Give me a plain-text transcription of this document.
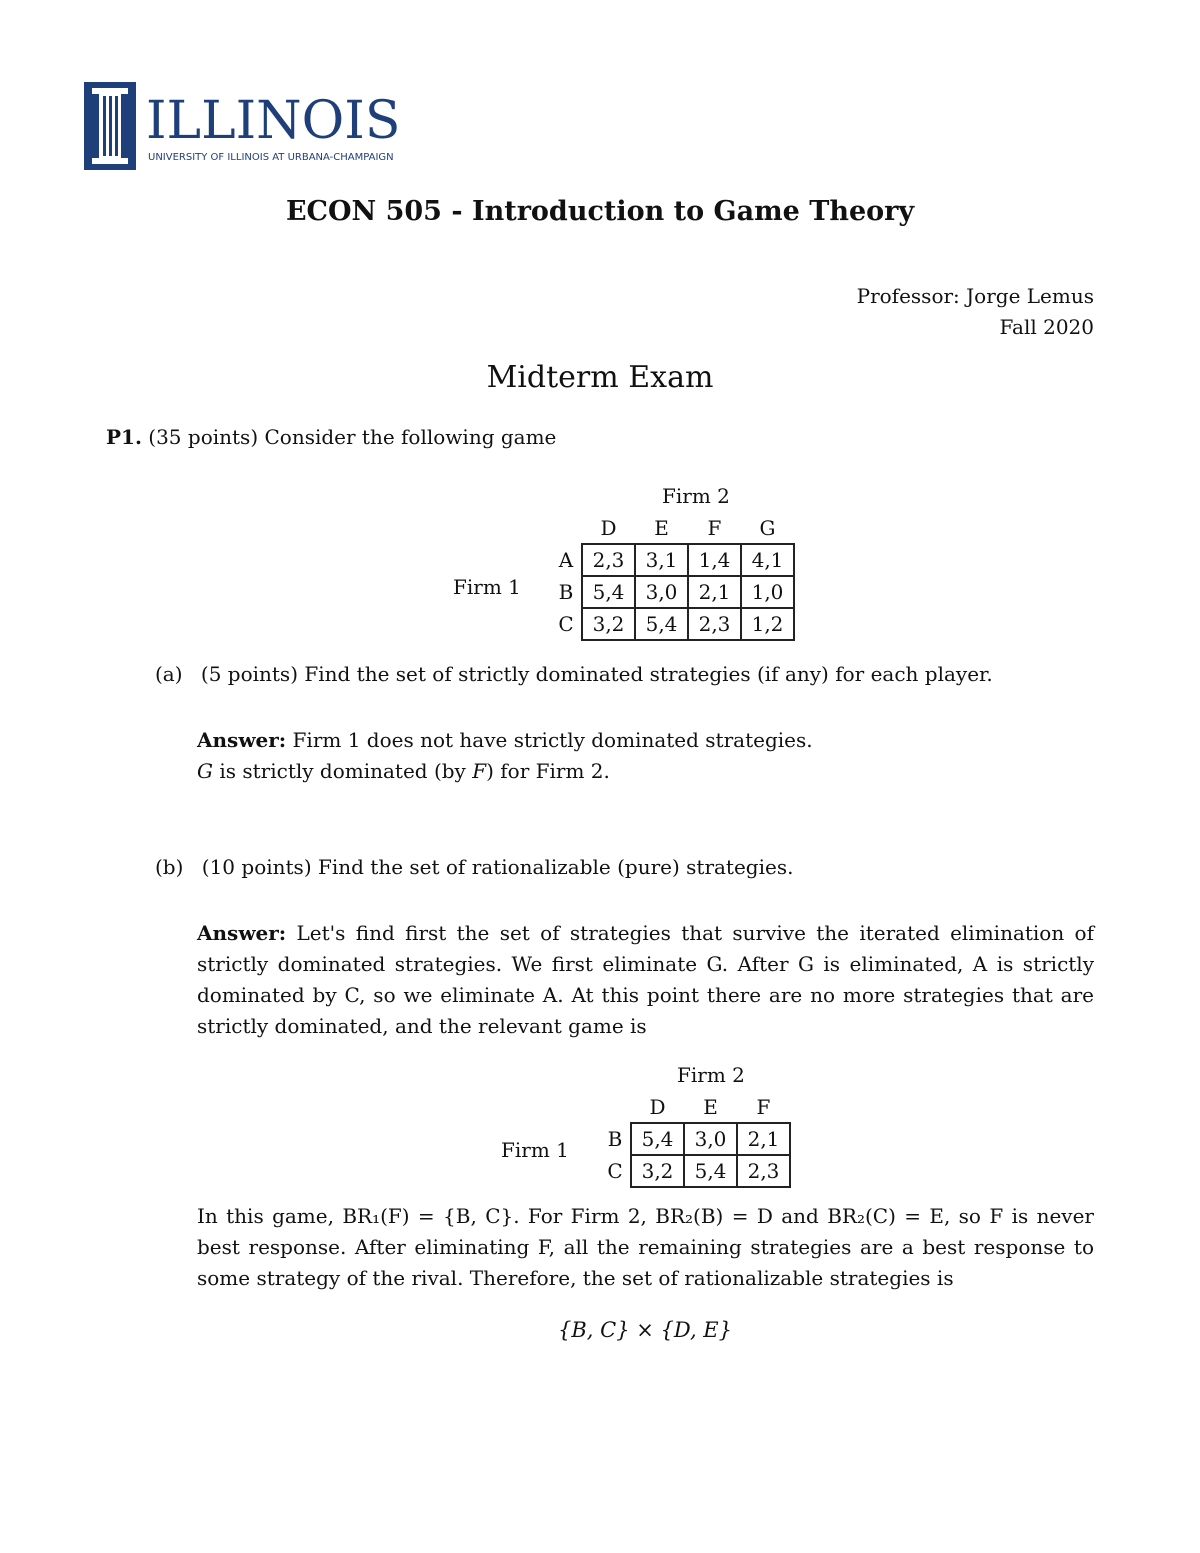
ILLINOIS
UNIVERSITY OF ILLINOIS AT URBANA-CHAMPAIGN
ECON 505 - Introduction to Game Theory
Professor: Jorge Lemus
Fall 2020
Midterm Exam
P1. (35 points) Consider the following game
Firm 2
Firm 1
	D	E	F	G
A	2,3	3,1	1,4	4,1
B	5,4	3,0	2,1	1,0
C	3,2	5,4	2,3	1,2
(a) (5 points) Find the set of strictly dominated strategies (if any) for each player.
Answer: Firm 1 does not have strictly dominated strategies.
G is strictly dominated (by F) for Firm 2.
(b) (10 points) Find the set of rationalizable (pure) strategies.
Answer: Let's find first the set of strategies that survive the iterated elimination of strictly dominated strategies. We first eliminate G. After G is eliminated, A is strictly dominated by C, so we eliminate A. At this point there are no more strategies that are strictly dominated, and the relevant game is
Firm 2
Firm 1
	D	E	F
B	5,4	3,0	2,1
C	3,2	5,4	2,3
In this game, BR₁(F) = {B, C}. For Firm 2, BR₂(B) = D and BR₂(C) = E, so F is never best response. After eliminating F, all the remaining strategies are a best response to some strategy of the rival. Therefore, the set of rationalizable strategies is
{B, C} × {D, E}
